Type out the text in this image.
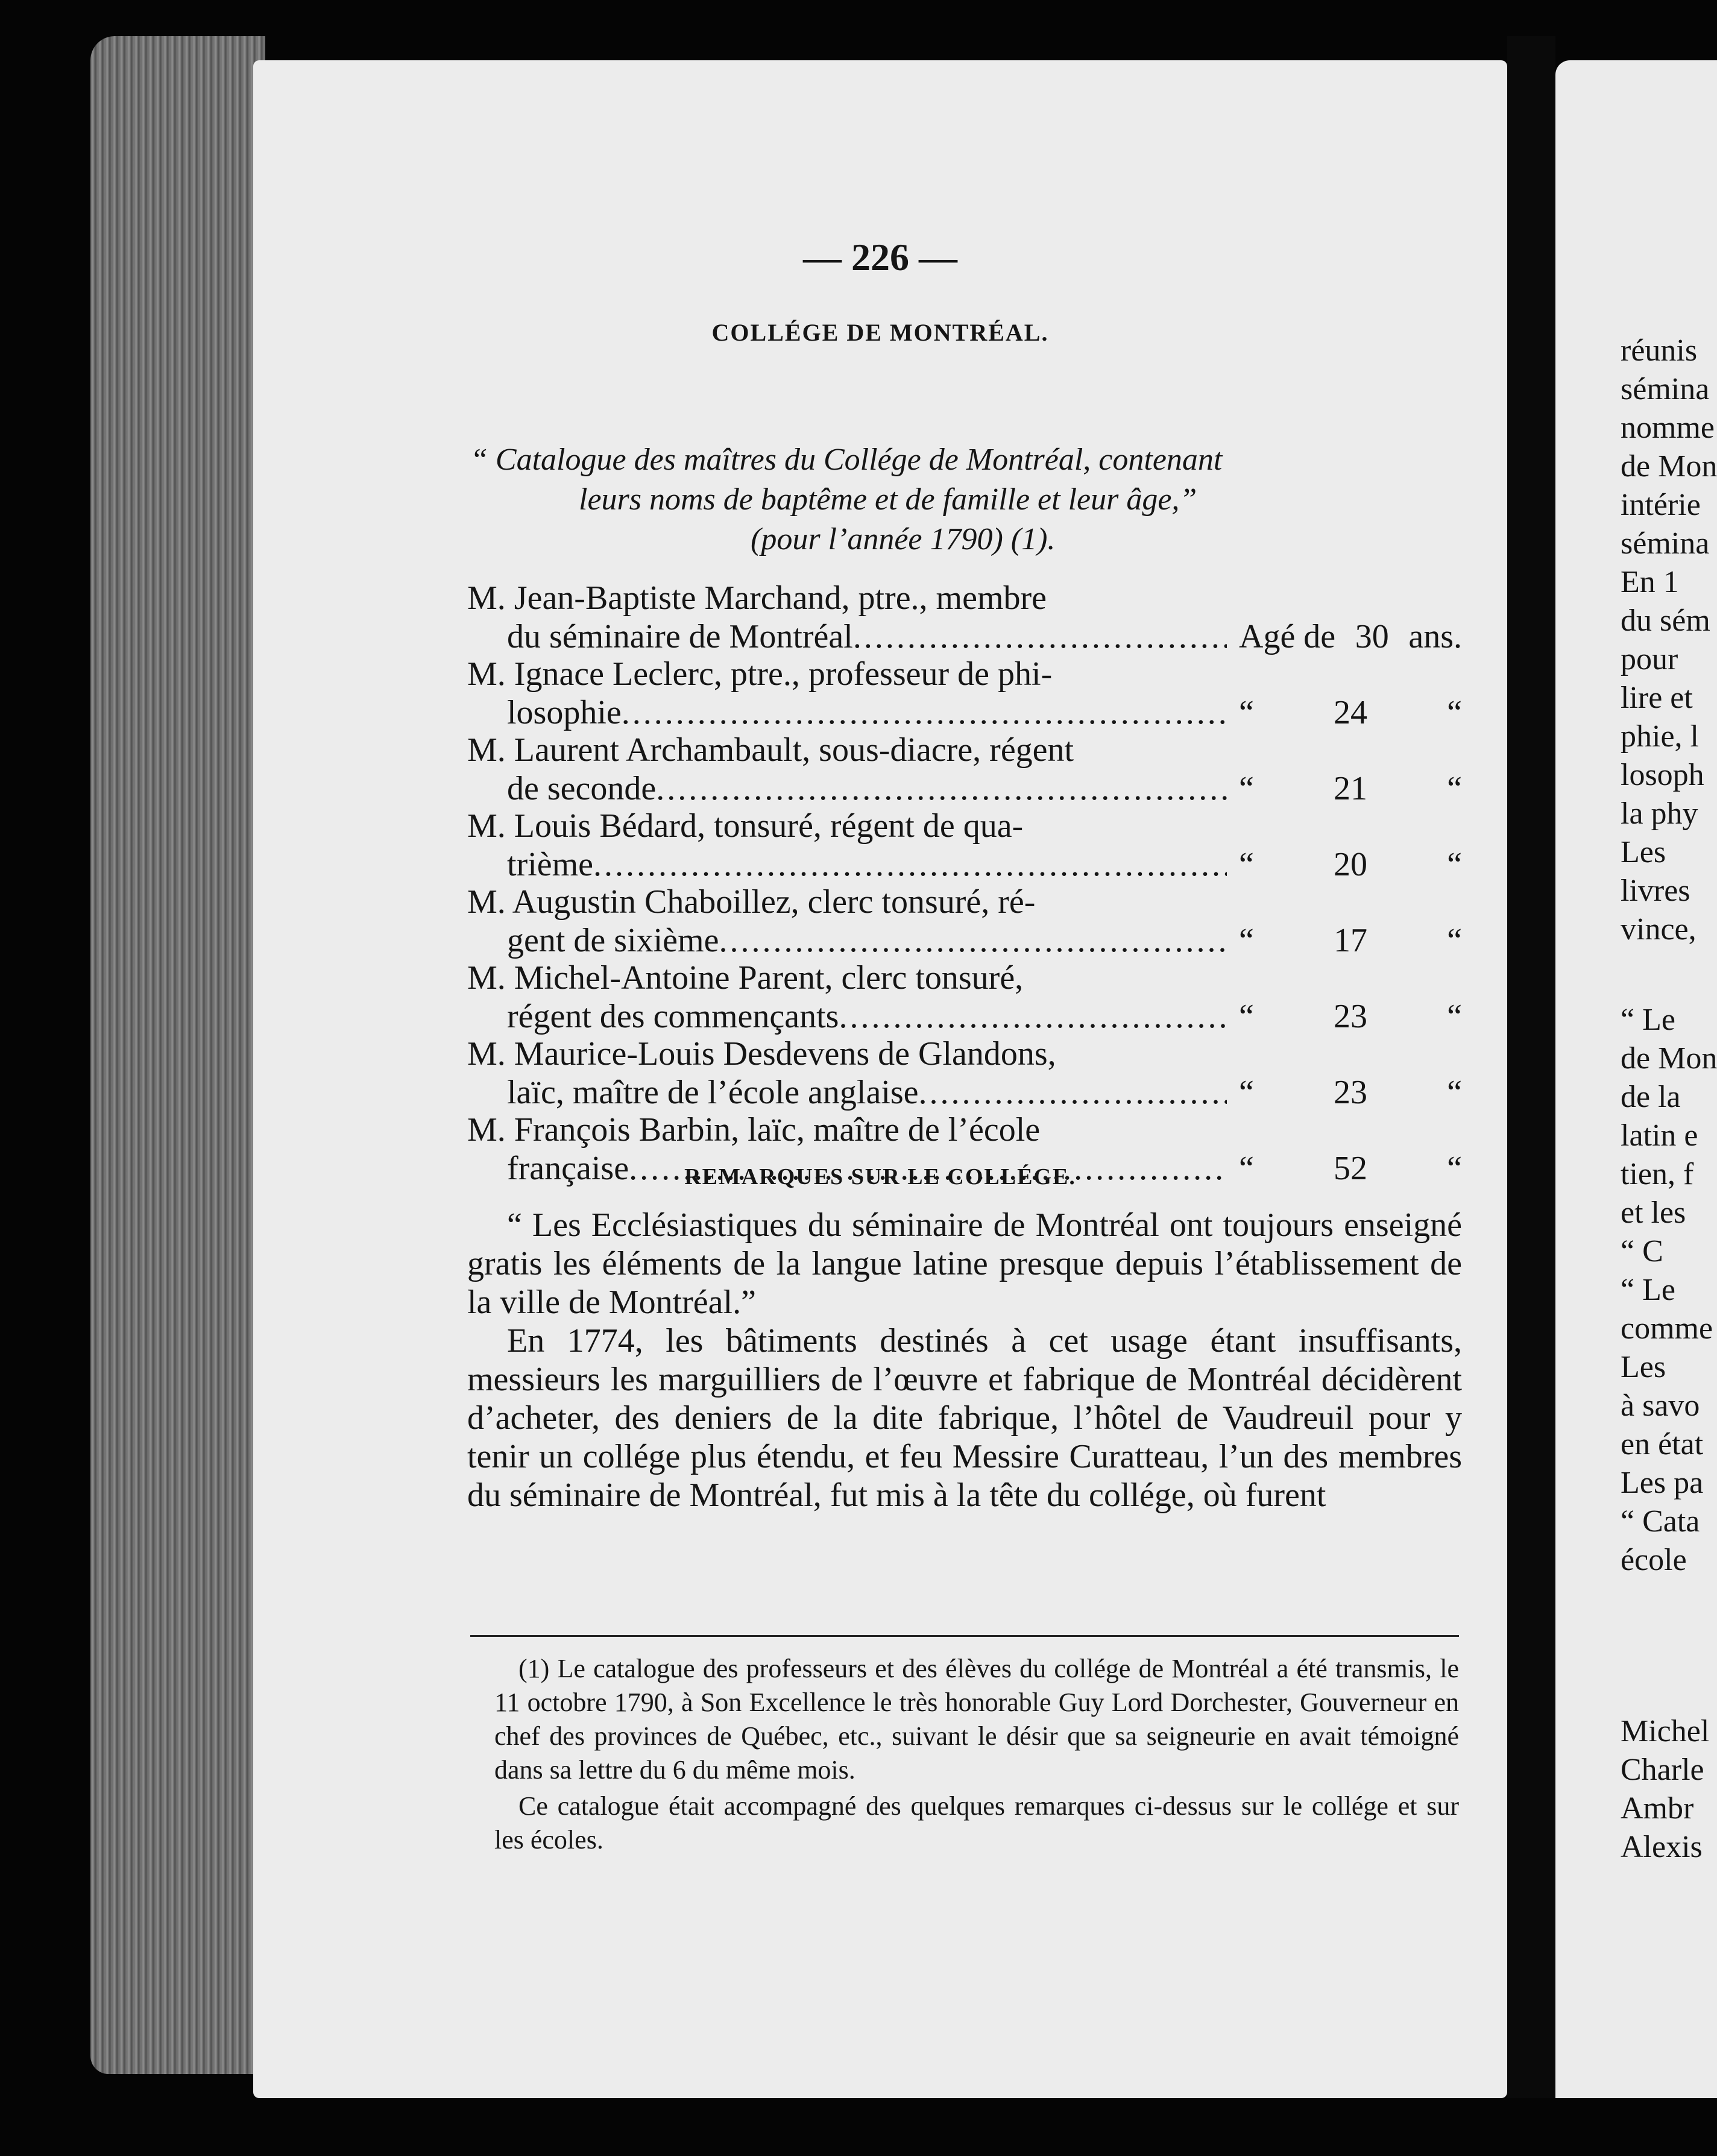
— 226 —
COLLÉGE DE MONTRÉAL.
“ Catalogue des maîtres du Collége de Montréal, contenant
leurs noms de baptême et de famille et leur âge,”
(pour l’année 1790) (1).
M. Jean-Baptiste Marchand, ptre., membre
du séminaire de Montréal .....	Agé de 30 ans.
M. Ignace Leclerc, ptre., professeur de phi-
losophie .....	“ 24 “
M. Laurent Archambault, sous-diacre, régent
de seconde .....	“ 21 “
M. Louis Bédard, tonsuré, régent de qua-
trième .....	“ 20 “
M. Augustin Chaboillez, clerc tonsuré, ré-
gent de sixième .....	“ 17 “
M. Michel-Antoine Parent, clerc tonsuré,
régent des commençants .....	“ 23 “
M. Maurice-Louis Desdevens de Glandons,
laïc, maître de l’école anglaise .....	“ 23 “
M. François Barbin, laïc, maître de l’école
française .....	“ 52 “
REMARQUES SUR LE COLLÉGE.

“ Les Ecclésiastiques du séminaire de Montréal ont toujours enseigné gratis les éléments de la langue latine presque depuis l’établissement de la ville de Montréal.”

En 1774, les bâtiments destinés à cet usage étant insuffisants, messieurs les marguilliers de l’œuvre et fabrique de Montréal décidèrent d’acheter, des deniers de la dite fabrique, l’hôtel de Vaudreuil pour y tenir un collége plus étendu, et feu Messire Curatteau, l’un des membres du séminaire de Montréal, fut mis à la tête du collége, où furent

(1) Le catalogue des professeurs et des élèves du collége de Montréal a été transmis, le 11 octobre 1790, à Son Excellence le très honorable Guy Lord Dorchester, Gouverneur en chef des provinces de Québec, etc., suivant le désir que sa seigneurie en avait témoigné dans sa lettre du 6 du même mois.

Ce catalogue était accompagné des quelques remarques ci-dessus sur le collége et sur les écoles.

réunis
sémina
nomme
de Mon
intérie
sémina
En 1
du sém
pour
lire et
phie, l
losoph
la phy
Les
livres
vince,
“ Le
de Mon
de la
latin e
tien, f
et les
“ C
“ Le
comme
Les
à savo
en état
Les pa
“ Cata
école
Michel
Charle
Ambr
Alexis
